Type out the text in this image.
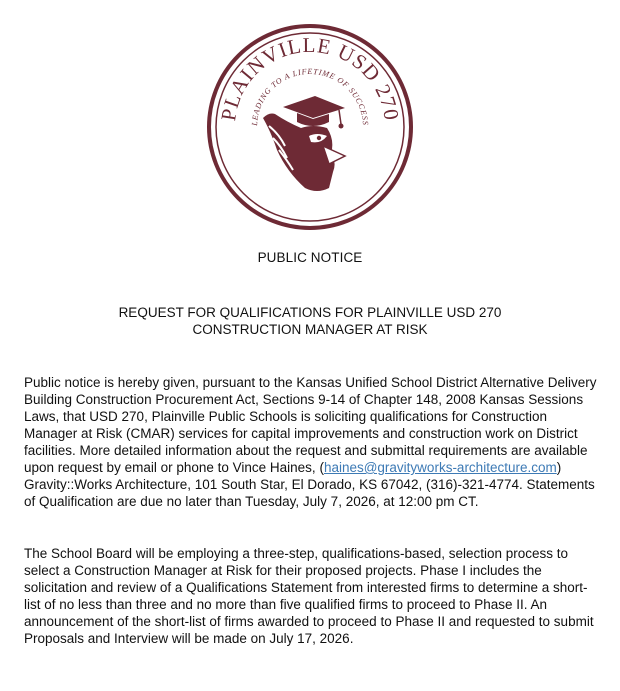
PLAINVILLE USD 270
LEADING TO A LIFETIME OF SUCCESS
PUBLIC NOTICE
REQUEST FOR QUALIFICATIONS FOR PLAINVILLE USD 270
CONSTRUCTION MANAGER AT RISK

Public notice is hereby given, pursuant to the Kansas Unified School District Alternative Delivery Building Construction Procurement Act, Sections 9-14 of Chapter 148, 2008 Kansas Sessions Laws, that USD 270, Plainville Public Schools is soliciting qualifications for Construction Manager at Risk (CMAR) services for capital improvements and construction work on District facilities. More detailed information about the request and submittal requirements are available upon request by email or phone to Vince Haines, (haines@gravityworks-architecture.com) Gravity::Works Architecture, 101 South Star, El Dorado, KS 67042, (316)-321-4774. Statements of Qualification are due no later than Tuesday, July 7, 2026, at 12:00 pm CT.

The School Board will be employing a three-step, qualifications-based, selection process to select a Construction Manager at Risk for their proposed projects. Phase I includes the solicitation and review of a Qualifications Statement from interested firms to determine a short-list of no less than three and no more than five qualified firms to proceed to Phase II. An announcement of the short-list of firms awarded to proceed to Phase II and requested to submit Proposals and Interview will be made on July 17, 2026.
